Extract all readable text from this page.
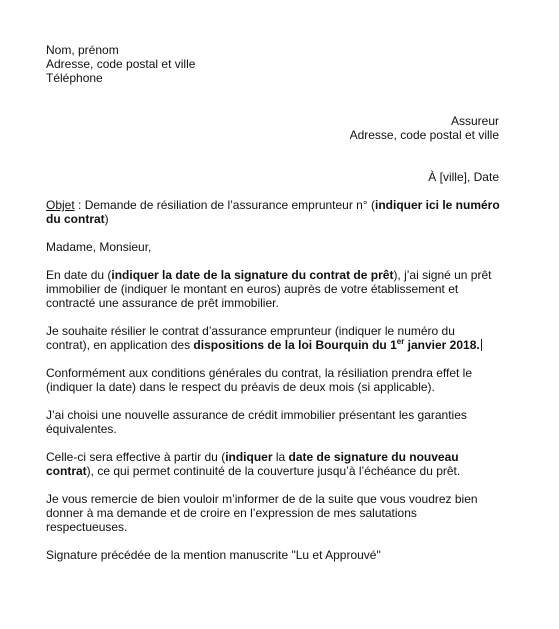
Nom, prénom
Adresse, code postal et ville
Téléphone
Assureur
Adresse, code postal et ville
À [ville], Date
Objet : Demande de résiliation de l’assurance emprunteur n° (indiquer ici le numéro
du contrat)
Madame, Monsieur,
En date du (indiquer la date de la signature du contrat de prêt), j’ai signé un prêt
immobilier de (indiquer le montant en euros) auprès de votre établissement et
contracté une assurance de prêt immobilier.
Je souhaite résilier le contrat d’assurance emprunteur (indiquer le numéro du
contrat), en application des dispositions de la loi Bourquin du 1er janvier 2018.
Conformément aux conditions générales du contrat, la résiliation prendra effet le
(indiquer la date) dans le respect du préavis de deux mois (si applicable).
J’ai choisi une nouvelle assurance de crédit immobilier présentant les garanties
équivalentes.
Celle-ci sera effective à partir du (indiquer la date de signature du nouveau
contrat), ce qui permet continuité de la couverture jusqu’à l’échéance du prêt.
Je vous remercie de bien vouloir m’informer de de la suite que vous voudrez bien
donner à ma demande et de croire en l’expression de mes salutations
respectueuses.
Signature précédée de la mention manuscrite "Lu et Approuvé"
